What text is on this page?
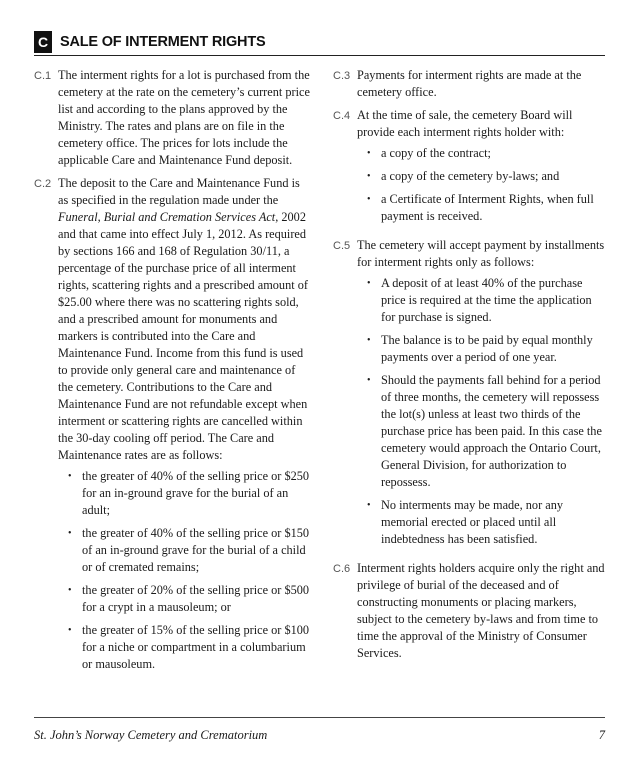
C SALE OF INTERMENT RIGHTS
C.1 The interment rights for a lot is purchased from the cemetery at the rate on the cemetery’s current price list and according to the plans approved by the Ministry. The rates and plans are on file in the cemetery office. The prices for lots include the applicable Care and Maintenance Fund deposit.

C.2 The deposit to the Care and Maintenance Fund is as specified in the regulation made under the Funeral, Burial and Cremation Services Act, 2002 and that came into effect July 1, 2012. As required by sections 166 and 168 of Regulation 30/11, a percentage of the purchase price of all interment rights, scattering rights and a prescribed amount of $25.00 where there was no scattering rights sold, and a prescribed amount for monuments and markers is contributed into the Care and Maintenance Fund. Income from this fund is used to provide only general care and maintenance of the cemetery. Contributions to the Care and Maintenance Fund are not refundable except when interment or scattering rights are cancelled within the 30-day cooling off period. The Care and Maintenance rates are as follows:

• the greater of 40% of the selling price or $250 for an in-ground grave for the burial of an adult;
• the greater of 40% of the selling price or $150 of an in-ground grave for the burial of a child or of cremated remains;
• the greater of 20% of the selling price or $500 for a crypt in a mausoleum; or
• the greater of 15% of the selling price or $100 for a niche or compartment in a columbarium or mausoleum.
C.3 Payments for interment rights are made at the cemetery office.

C.4 At the time of sale, the cemetery Board will provide each interment rights holder with:

• a copy of the contract;
• a copy of the cemetery by-laws; and
• a Certificate of Interment Rights, when full payment is received.
C.5 The cemetery will accept payment by installments for interment rights only as follows:

• A deposit of at least 40% of the purchase price is required at the time the application for purchase is signed.
• The balance is to be paid by equal monthly payments over a period of one year.
• Should the payments fall behind for a period of three months, the cemetery will repossess the lot(s) unless at least two thirds of the purchase price has been paid. In this case the cemetery would approach the Ontario Court, General Division, for authorization to repossess.
• No interments may be made, nor any memorial erected or placed until all indebtedness has been satisfied.
C.6 Interment rights holders acquire only the right and privilege of burial of the deceased and of constructing monuments or placing markers, subject to the cemetery by-laws and from time to time the approval of the Ministry of Consumer Services.

St. John’s Norway Cemetery and Crematorium	7
